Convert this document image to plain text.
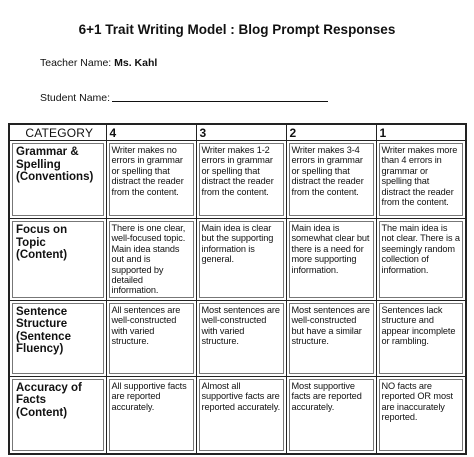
6+1 Trait Writing Model : Blog Prompt Responses
Teacher Name: Ms. Kahl
Student Name:
CATEGORY	4	3	2	1

Grammar & Spelling (Conventions)	Writer makes no errors in grammar or spelling that distract the reader from the content.	Writer makes 1-2 errors in grammar or spelling that distract the reader from the content.	Writer makes 3-4 errors in grammar or spelling that distract the reader from the content.	Writer makes more than 4 errors in grammar or spelling that distract the reader from the content.

Focus on Topic (Content)	There is one clear, well-focused topic. Main idea stands out and is supported by detailed information.	Main idea is clear but the supporting information is general.	Main idea is somewhat clear but there is a need for more supporting information.	The main idea is not clear. There is a seemingly random collection of information.

Sentence Structure (Sentence Fluency)	All sentences are well-constructed with varied structure.	Most sentences are well-constructed with varied structure.	Most sentences are well-constructed but have a similar structure.	Sentences lack structure and appear incomplete or rambling.

Accuracy of Facts (Content)	All supportive facts are reported accurately.	Almost all supportive facts are reported accurately.	Most supportive facts are reported accurately.	NO facts are reported OR most are inaccurately reported.
